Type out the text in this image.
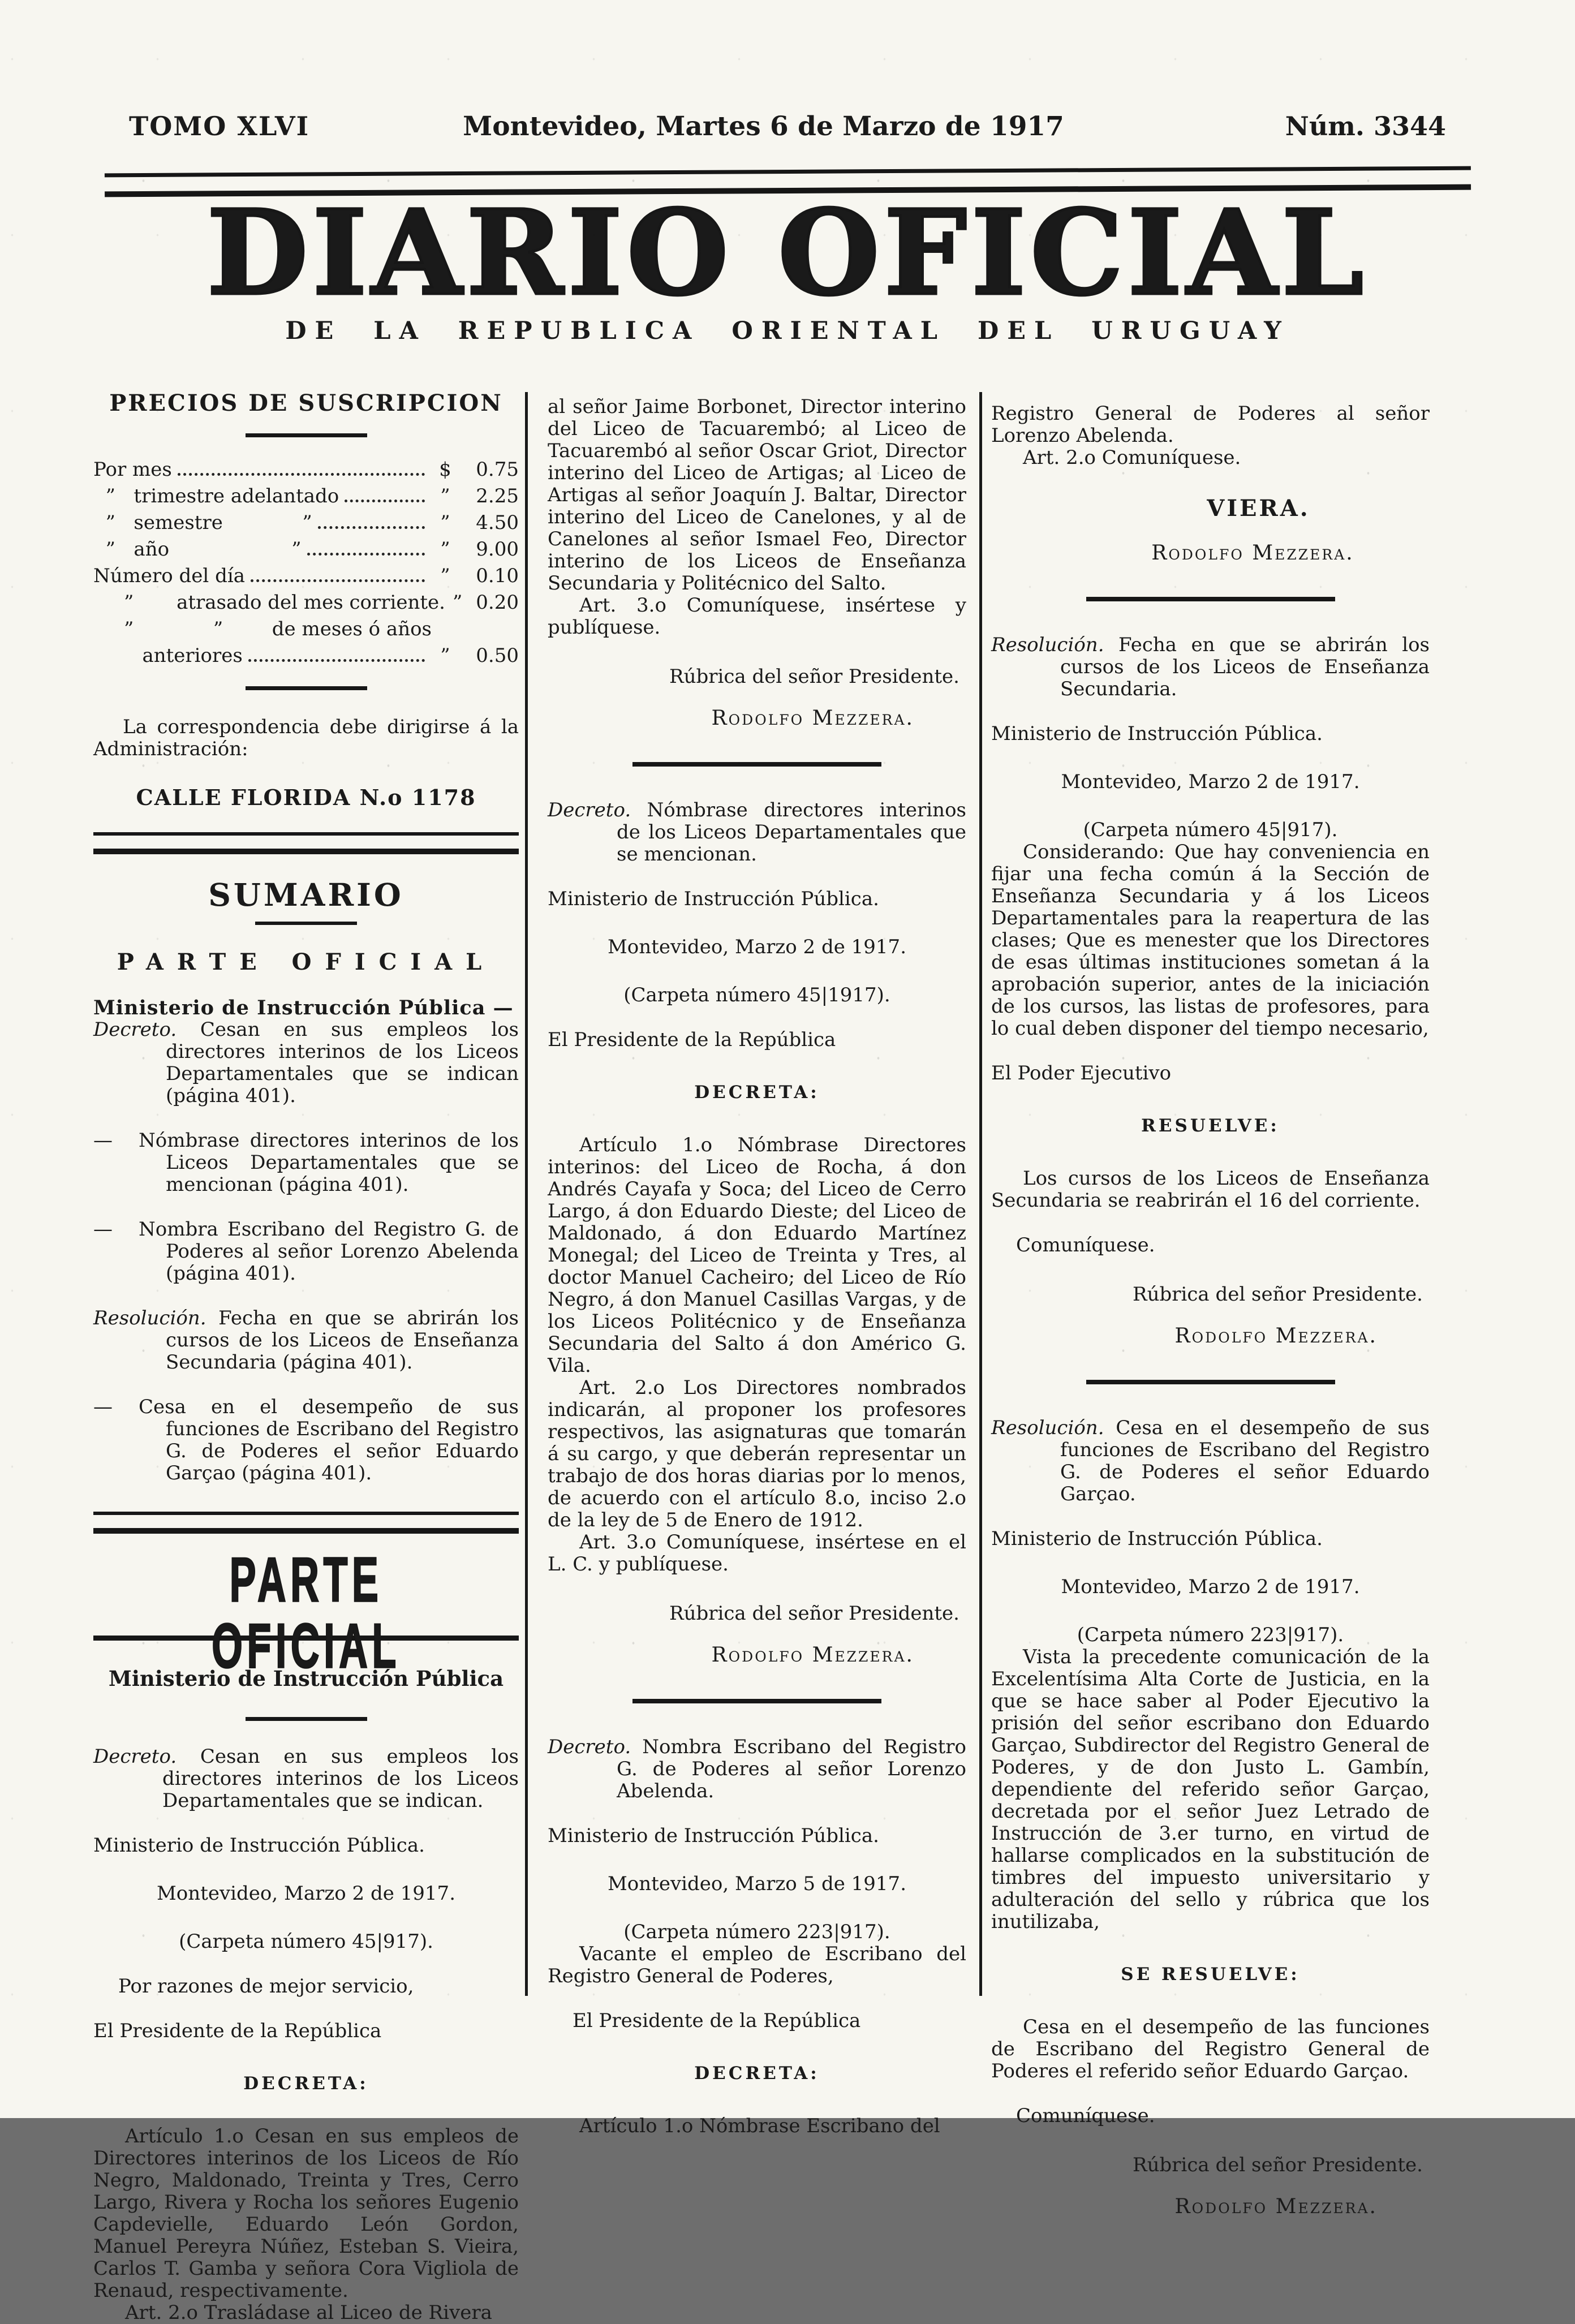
TOMO XLVI	Montevideo, Martes 6 de Marzo de 1917	Núm. 3344
DIARIO OFICIAL
DE LA REPUBLICA ORIENTAL DEL URUGUAY
PRECIOS DE SUSCRIPCION
Por mes	$	0.75
”   trimestre adelantado	”	2.25
”   semestre             ”	”	4.50
”   año                    ”	”	9.00
Número del día	”	0.10
”       atrasado del mes corriente. ” 0.20
”             ”        de meses ó años
anteriores	”	0.50

La correspondencia debe dirigirse á la Administración:

CALLE FLORIDA N.o 1178

SUMARIO
PARTE OFICIAL

Ministerio de Instrucción Pública —

Decreto. Cesan en sus empleos los directores interinos de los Liceos Departamentales que se indican (página 401).

— Nómbrase directores interinos de los Liceos Departamentales que se mencionan (página 401).

— Nombra Escribano del Registro G. de Poderes al señor Lorenzo Abelenda (página 401).

Resolución. Fecha en que se abrirán los cursos de los Liceos de Enseñanza Secundaria (página 401).

— Cesa en el desempeño de sus funciones de Escribano del Registro G. de Poderes el señor Eduardo Garçao (página 401).

PARTE OFICIAL
Ministerio de Instrucción Pública

Decreto. Cesan en sus empleos los directores interinos de los Liceos Departamentales que se indican.

Ministerio de Instrucción Pública.

Montevideo, Marzo 2 de 1917.

(Carpeta número 45|917).

Por razones de mejor servicio,

El Presidente de la República

DECRETA:

Artículo 1.o Cesan en sus empleos de Directores interinos de los Liceos de Río Negro, Maldonado, Treinta y Tres, Cerro Largo, Rivera y Rocha los señores Eugenio Capdevielle, Eduardo León Gordon, Manuel Pereyra Núñez, Esteban S. Vieira, Carlos T. Gamba y señora Cora Vigliola de Renaud, respectivamente.

Art. 2.o Trasládase al Liceo de Rivera

al señor Jaime Borbonet, Director interino del Liceo de Tacuarembó; al Liceo de Tacuarembó al señor Oscar Griot, Director interino del Liceo de Artigas; al Liceo de Artigas al señor Joaquín J. Baltar, Director interino del Liceo de Canelones, y al de Canelones al señor Ismael Feo, Director interino de los Liceos de Enseñanza Secundaria y Politécnico del Salto.

Art. 3.o Comuníquese, insértese y publíquese.

Rúbrica del señor Presidente.

Rodolfo Mezzera.

Decreto. Nómbrase directores interinos de los Liceos Departamentales que se mencionan.

Ministerio de Instrucción Pública.

Montevideo, Marzo 2 de 1917.

(Carpeta número 45|1917).

El Presidente de la República

DECRETA:

Artículo 1.o Nómbrase Directores interinos: del Liceo de Rocha, á don Andrés Cayafa y Soca; del Liceo de Cerro Largo, á don Eduardo Dieste; del Liceo de Maldonado, á don Eduardo Martínez Monegal; del Liceo de Treinta y Tres, al doctor Manuel Cacheiro; del Liceo de Río Negro, á don Manuel Casillas Vargas, y de los Liceos Politécnico y de Enseñanza Secundaria del Salto á don Américo G. Vila.

Art. 2.o Los Directores nombrados indicarán, al proponer los profesores respectivos, las asignaturas que tomarán á su cargo, y que deberán representar un trabajo de dos horas diarias por lo menos, de acuerdo con el artículo 8.o, inciso 2.o de la ley de 5 de Enero de 1912.

Art. 3.o Comuníquese, insértese en el L. C. y publíquese.

Rúbrica del señor Presidente.

Rodolfo Mezzera.

Decreto. Nombra Escribano del Registro G. de Poderes al señor Lorenzo Abelenda.

Ministerio de Instrucción Pública.

Montevideo, Marzo 5 de 1917.

(Carpeta número 223|917).

Vacante el empleo de Escribano del Registro General de Poderes,

El Presidente de la República

DECRETA:

Artículo 1.o Nómbrase Escribano del

Registro General de Poderes al señor Lorenzo Abelenda.

Art. 2.o Comuníquese.

VIERA.

Rodolfo Mezzera.

Resolución. Fecha en que se abrirán los cursos de los Liceos de Enseñanza Secundaria.

Ministerio de Instrucción Pública.

Montevideo, Marzo 2 de 1917.

(Carpeta número 45|917).

Considerando: Que hay conveniencia en fijar una fecha común á la Sección de Enseñanza Secundaria y á los Liceos Departamentales para la reapertura de las clases; Que es menester que los Directores de esas últimas instituciones sometan á la aprobación superior, antes de la iniciación de los cursos, las listas de profesores, para lo cual deben disponer del tiempo necesario,

El Poder Ejecutivo

RESUELVE:

Los cursos de los Liceos de Enseñanza Secundaria se reabrirán el 16 del corriente.

Comuníquese.

Rúbrica del señor Presidente.

Rodolfo Mezzera.

Resolución. Cesa en el desempeño de sus funciones de Escribano del Registro G. de Poderes el señor Eduardo Garçao.

Ministerio de Instrucción Pública.

Montevideo, Marzo 2 de 1917.

(Carpeta número 223|917).

Vista la precedente comunicación de la Excelentísima Alta Corte de Justicia, en la que se hace saber al Poder Ejecutivo la prisión del señor escribano don Eduardo Garçao, Subdirector del Registro General de Poderes, y de don Justo L. Gambín, dependiente del referido señor Garçao, decretada por el señor Juez Letrado de Instrucción de 3.er turno, en virtud de hallarse complicados en la substitución de timbres del impuesto universitario y adulteración del sello y rúbrica que los inutilizaba,

SE RESUELVE:

Cesa en el desempeño de las funciones de Escribano del Registro General de Poderes el referido señor Eduardo Garçao.

Comuníquese.

Rúbrica del señor Presidente.

Rodolfo Mezzera.
